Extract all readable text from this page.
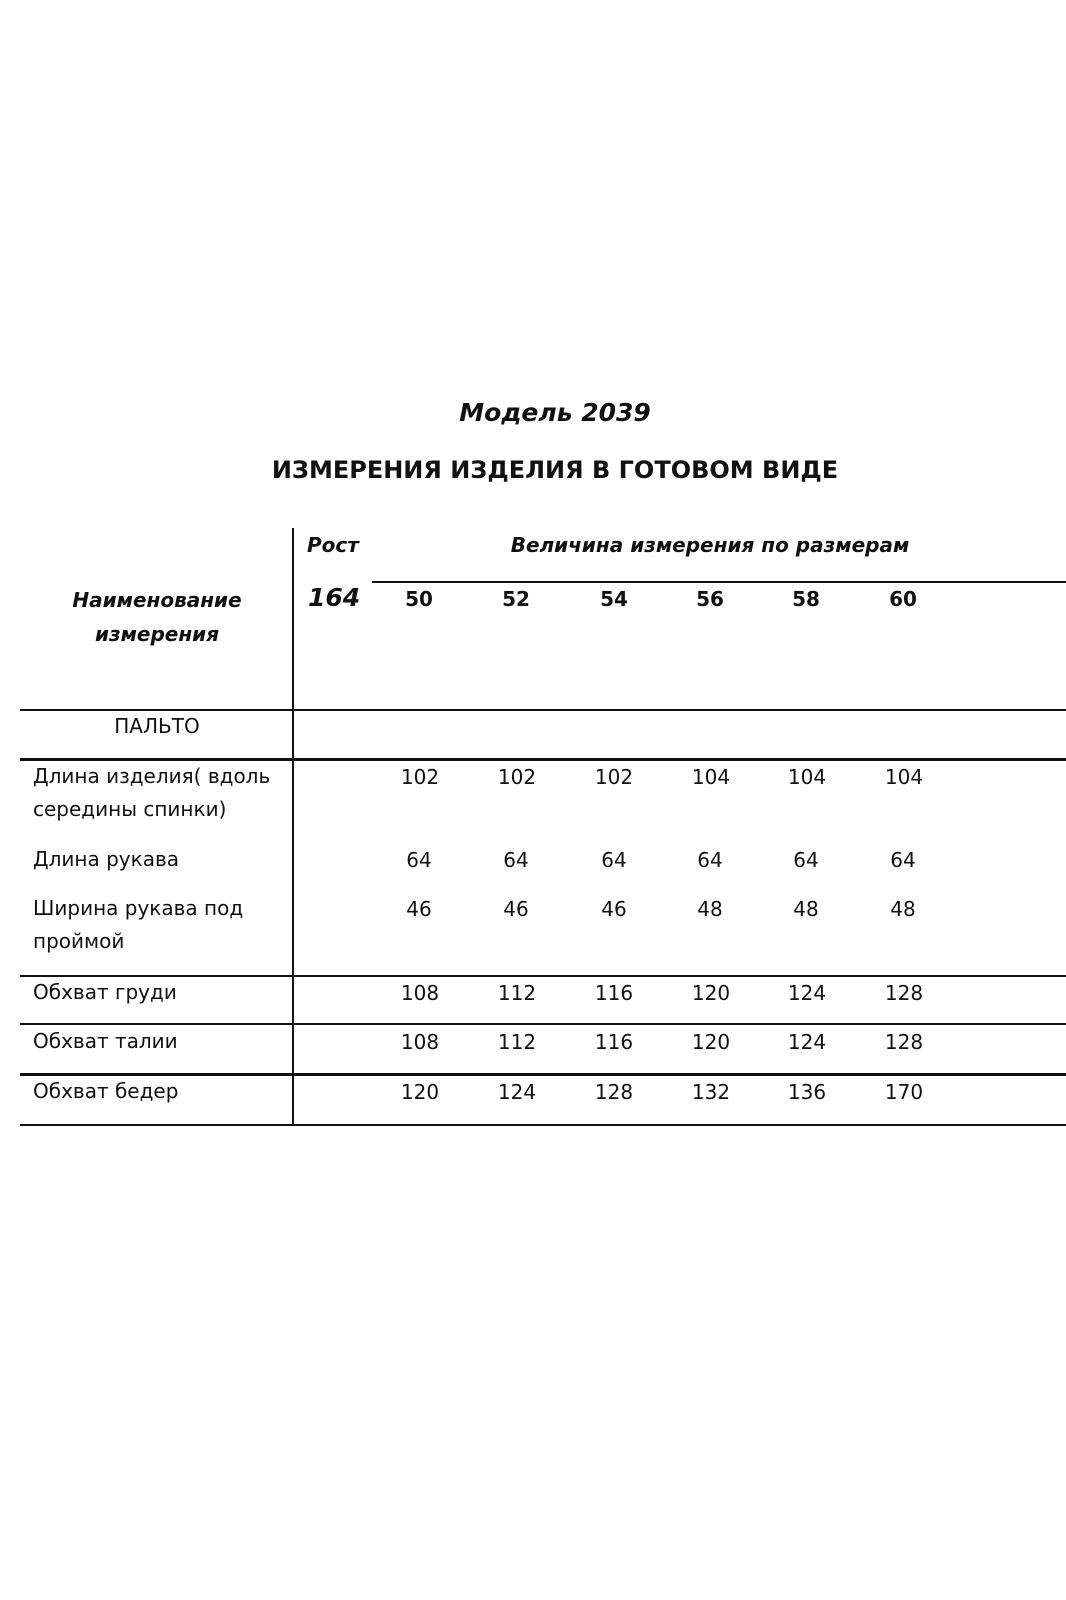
Модель 2039
ИЗМЕРЕНИЯ ИЗДЕЛИЯ В ГОТОВОМ ВИДЕ
Наименование измерения
Рост
164
Величина измерения по размерам
50	52	54	56	58	60
ПАЛЬТО
Длина изделия( вдоль середины спинки)
102	102	102	104	104	104
Длина рукава	64	64	64	64	64	64
Ширина рукава под проймой
46	46	46	48	48	48
Обхват груди	108	112	116	120	124	128
Обхват талии	108	112	116	120	124	128
Обхват бедер	120	124	128	132	136	170
